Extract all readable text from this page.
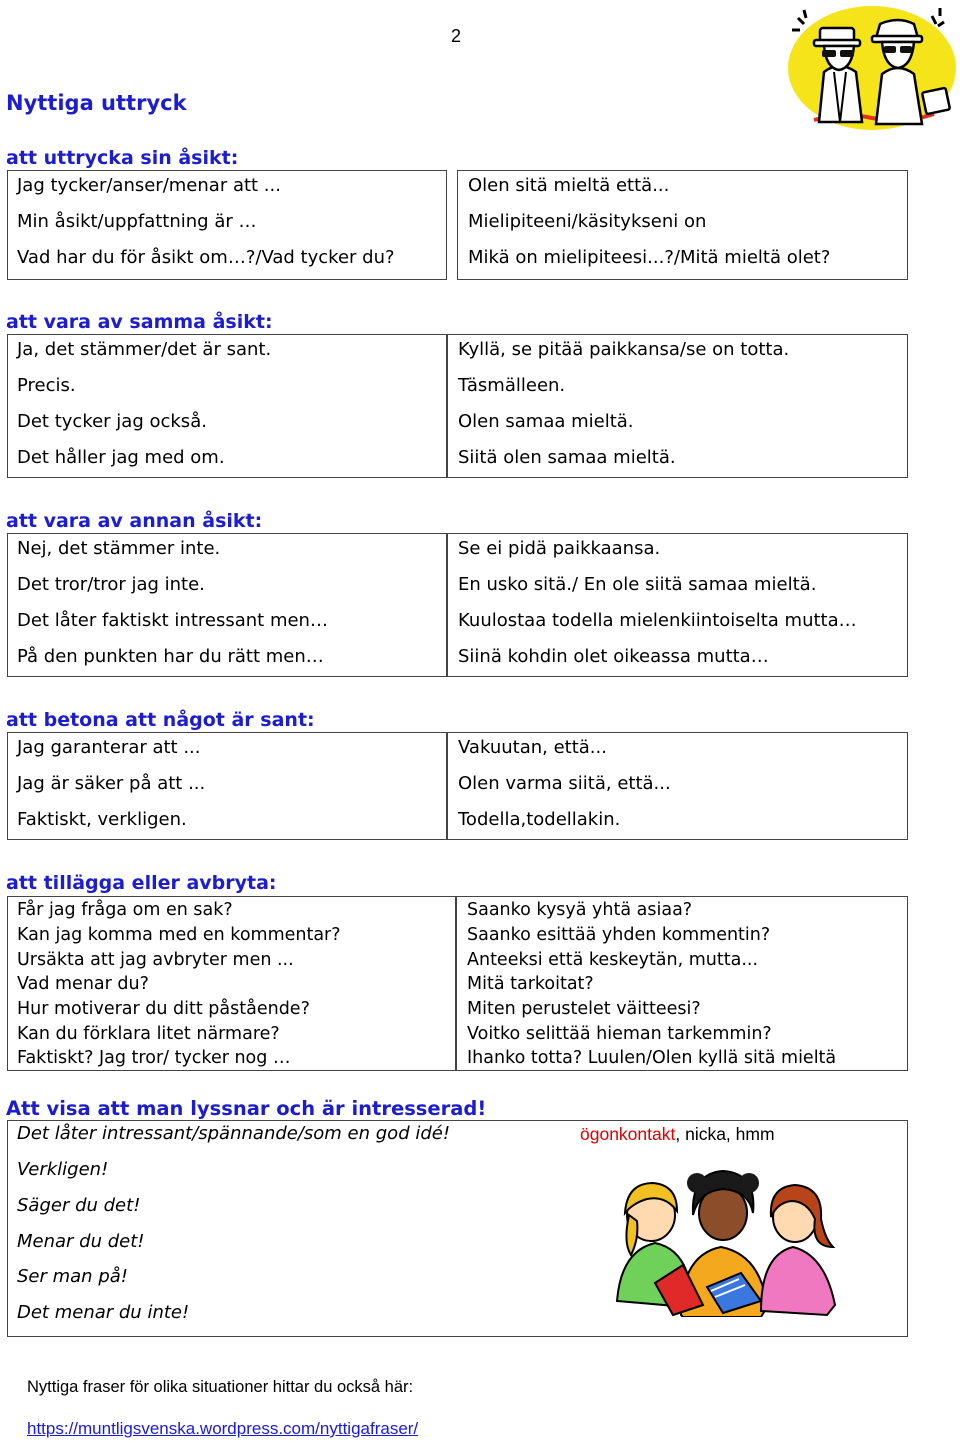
2
Nyttiga uttryck
att uttrycka sin åsikt:
Jag tycker/anser/menar att ...
Min åsikt/uppfattning är …
Vad har du för åsikt om…?/Vad tycker du?
Olen sitä mieltä että...
Mielipiteeni/käsitykseni on
Mikä on mielipiteesi...?/Mitä mieltä olet?
att vara av samma åsikt:
Ja, det stämmer/det är sant.
Precis.
Det tycker jag också.
Det håller jag med om.
Kyllä, se pitää paikkansa/se on totta.
Täsmälleen.
Olen samaa mieltä.
Siitä olen samaa mieltä.
att vara av annan åsikt:
Nej, det stämmer inte.
Det tror/tror jag inte.
Det låter faktiskt intressant men…
På den punkten har du rätt men…
Se ei pidä paikkaansa.
En usko sitä./ En ole siitä samaa mieltä.
Kuulostaa todella mielenkiintoiselta mutta…
Siinä kohdin olet oikeassa mutta…
att betona att något är sant:
Jag garanterar att ...
Jag är säker på att ...
Faktiskt, verkligen.
Vakuutan, että...
Olen varma siitä, että...
Todella,todellakin.
att tillägga eller avbryta:
Får jag fråga om en sak?
Kan jag komma med en kommentar?
Ursäkta att jag avbryter men ...
Vad menar du?
Hur motiverar du ditt påstående?
Kan du förklara litet närmare?
Faktiskt? Jag tror/ tycker nog …
Saanko kysyä yhtä asiaa?
Saanko esittää yhden kommentin?
Anteeksi että keskeytän, mutta...
Mitä tarkoitat?
Miten perustelet väitteesi?
Voitko selittää hieman tarkemmin?
Ihanko totta? Luulen/Olen kyllä sitä mieltä
Att visa att man lyssnar och är intresserad!
Det låter intressant/spännande/som en god idé!
Verkligen!
Säger du det!
Menar du det!
Ser man på!
Det menar du inte!
ögonkontakt, nicka, hmm
Nyttiga fraser för olika situationer hittar du också här:
https://muntligsvenska.wordpress.com/nyttigafraser/
